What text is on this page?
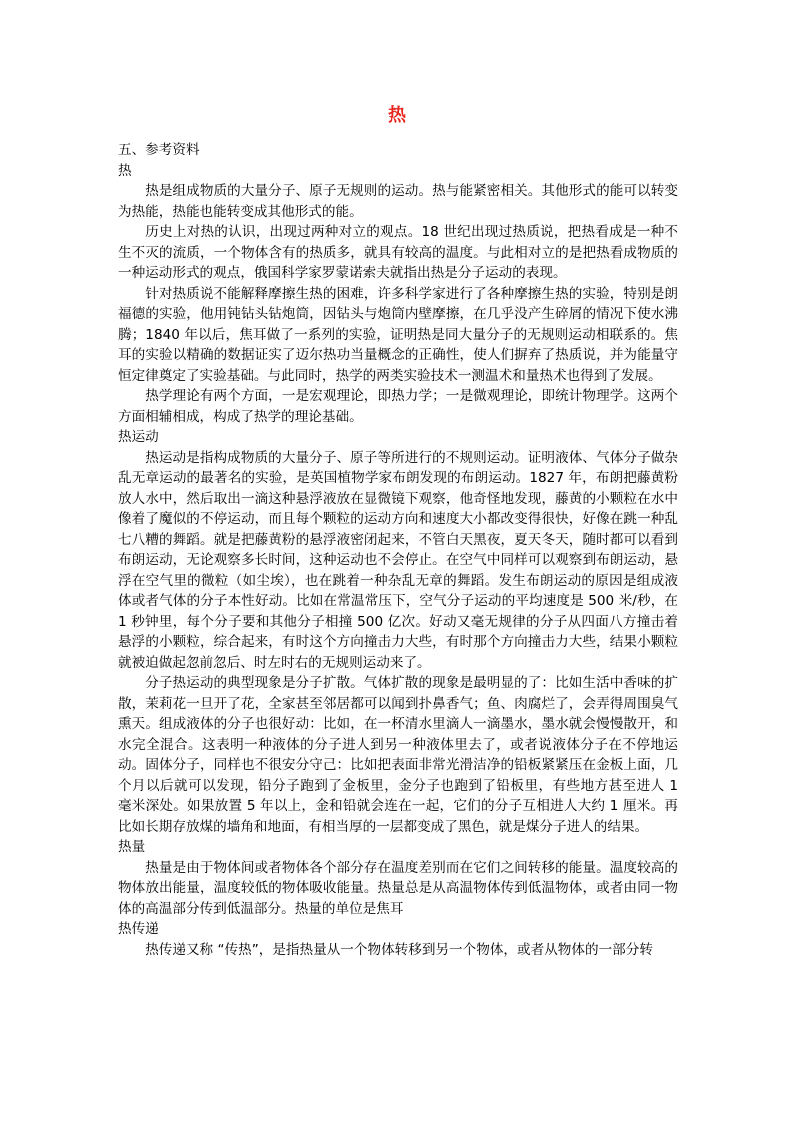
热
五、参考资料
热
热是组成物质的大量分子、原子无规则的运动。热与能紧密相关。其他形式的能可以转变为热能，热能也能转变成其他形式的能。
历史上对热的认识，出现过两种对立的观点。18 世纪出现过热质说，把热看成是一种不生不灭的流质，一个物体含有的热质多，就具有较高的温度。与此相对立的是把热看成物质的一种运动形式的观点，俄国科学家罗蒙诺索夫就指出热是分子运动的表现。
针对热质说不能解释摩擦生热的困难，许多科学家进行了各种摩擦生热的实验，特别是朗福德的实验，他用钝钻头钻炮筒，因钻头与炮筒内壁摩擦，在几乎没产生碎屑的情况下使水沸腾；1840 年以后，焦耳做了一系列的实验，证明热是同大量分子的无规则运动相联系的。焦耳的实验以精确的数据证实了迈尔热功当量概念的正确性，使人们摒弃了热质说，并为能量守恒定律奠定了实验基础。与此同时，热学的两类实验技术一测温术和量热术也得到了发展。
热学理论有两个方面，一是宏观理论，即热力学；一是微观理论，即统计物理学。这两个方面相辅相成，构成了热学的理论基础。
热运动
热运动是指构成物质的大量分子、原子等所进行的不规则运动。证明液体、气体分子做杂乱无章运动的最著名的实验，是英国植物学家布朗发现的布朗运动。1827 年，布朗把藤黄粉放人水中，然后取出一滴这种悬浮液放在显微镜下观察，他奇怪地发现，藤黄的小颗粒在水中像着了魔似的不停运动，而且每个颗粒的运动方向和速度大小都改变得很快，好像在跳一种乱七八糟的舞蹈。就是把藤黄粉的悬浮液密闭起来，不管白天黑夜，夏天冬天，随时都可以看到布朗运动，无论观察多长时间，这种运动也不会停止。在空气中同样可以观察到布朗运动，悬浮在空气里的微粒（如尘埃），也在跳着一种杂乱无章的舞蹈。发生布朗运动的原因是组成液体或者气体的分子本性好动。比如在常温常压下，空气分子运动的平均速度是 500 米/秒，在 1 秒钟里，每个分子要和其他分子相撞 500 亿次。好动又毫无规律的分子从四面八方撞击着悬浮的小颗粒，综合起来，有时这个方向撞击力大些，有时那个方向撞击力大些，结果小颗粒就被迫做起忽前忽后、时左时右的无规则运动来了。
分子热运动的典型现象是分子扩散。气体扩散的现象是最明显的了：比如生活中香味的扩散，茉莉花一旦开了花，全家甚至邻居都可以闻到扑鼻香气；鱼、肉腐烂了，会弄得周围臭气熏天。组成液体的分子也很好动：比如，在一杯清水里滴人一滴墨水，墨水就会慢慢散开，和水完全混合。这表明一种液体的分子进人到另一种液体里去了，或者说液体分子在不停地运动。固体分子，同样也不很安分守己：比如把表面非常光滑洁净的铅板紧紧压在金板上面，几个月以后就可以发现，铅分子跑到了金板里，金分子也跑到了铅板里，有些地方甚至进人 1 毫米深处。如果放置 5 年以上，金和铅就会连在一起，它们的分子互相进人大约 1 厘米。再比如长期存放煤的墙角和地面，有相当厚的一层都变成了黑色，就是煤分子进人的结果。
热量
热量是由于物体间或者物体各个部分存在温度差别而在它们之间转移的能量。温度较高的物体放出能量，温度较低的物体吸收能量。热量总是从高温物体传到低温物体，或者由同一物体的高温部分传到低温部分。热量的单位是焦耳
热传递
热传递又称 “传热”，是指热量从一个物体转移到另一个物体，或者从物体的一部分转
